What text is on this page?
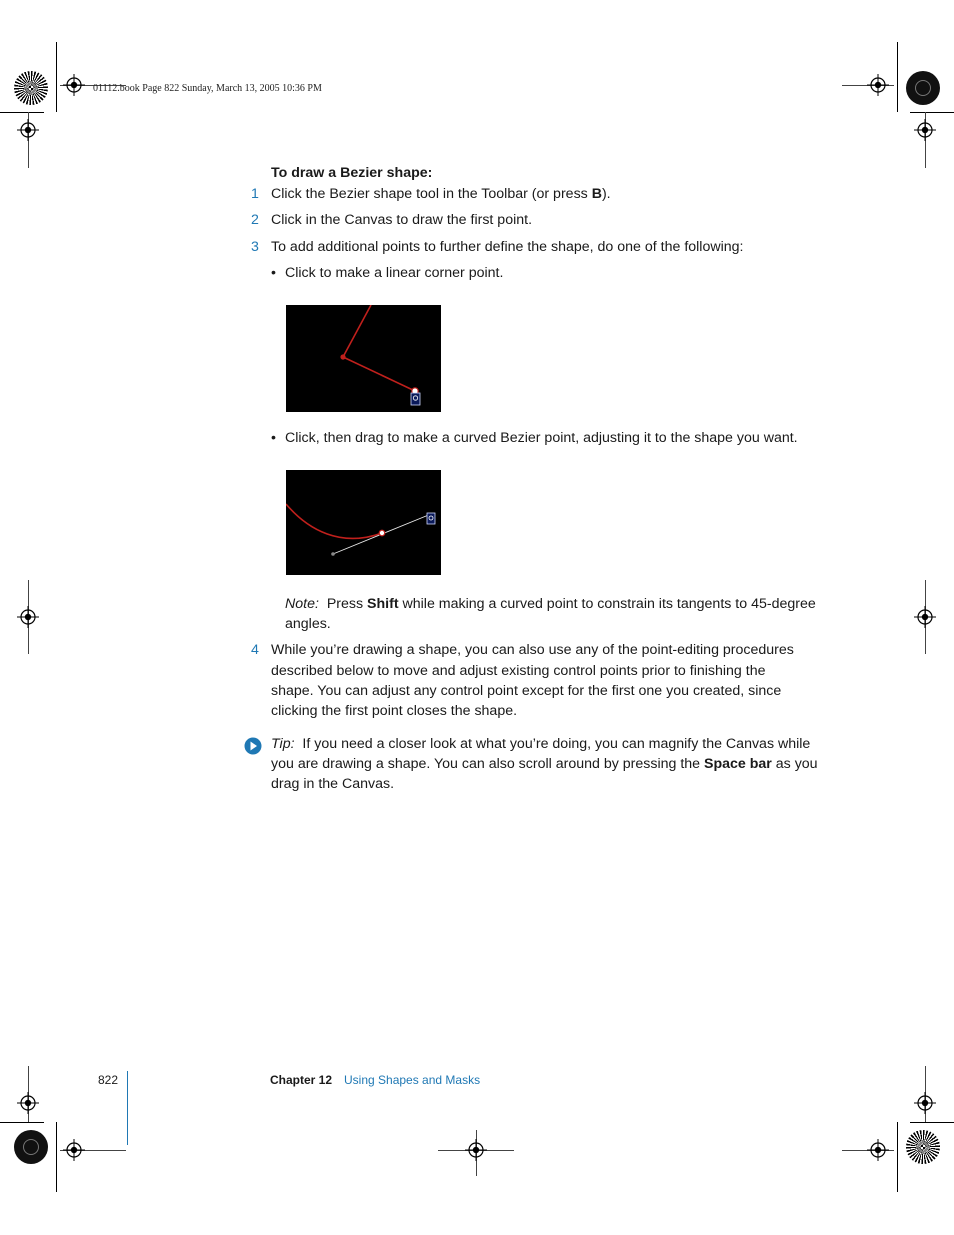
01112.book Page 822 Sunday, March 13, 2005 10:36 PM
To draw a Bezier shape:
1 Click the Bezier shape tool in the Toolbar (or press B).
2 Click in the Canvas to draw the first point.
3 To add additional points to further define the shape, do one of the following:
• Click to make a linear corner point.
• Click, then drag to make a curved Bezier point, adjusting it to the shape you want.
Note: Press Shift while making a curved point to constrain its tangents to 45-degree
angles.
4 While you’re drawing a shape, you can also use any of the point-editing procedures
described below to move and adjust existing control points prior to finishing the
shape. You can adjust any control point except for the first one you created, since
clicking the first point closes the shape.
Tip: If you need a closer look at what you’re doing, you can magnify the Canvas while
you are drawing a shape. You can also scroll around by pressing the Space bar as you
drag in the Canvas.
822	Chapter 12 Using Shapes and Masks
